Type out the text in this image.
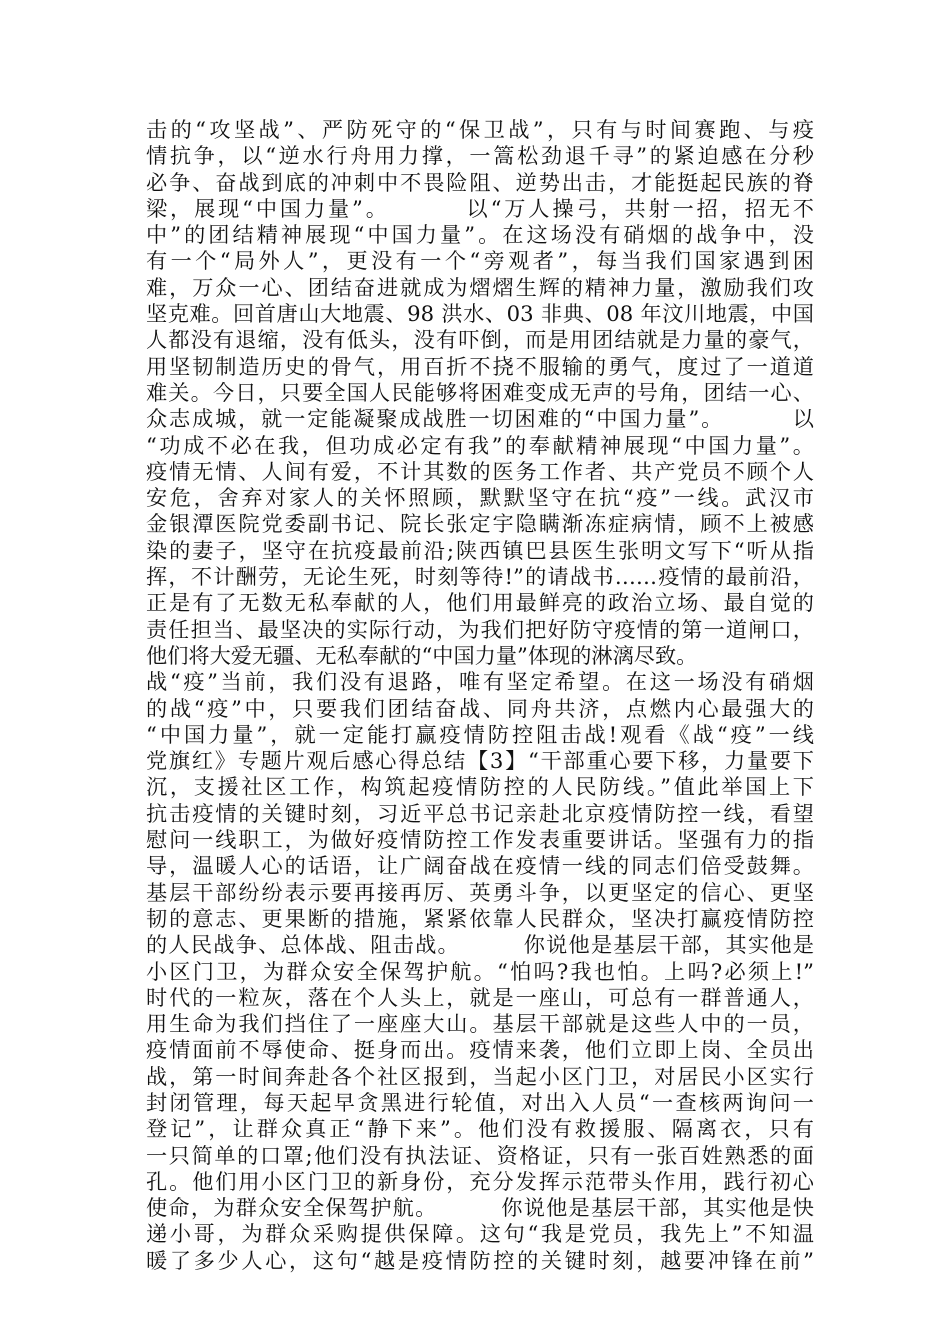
击的“攻坚战”、严防死守的“保卫战”，只有与时间赛跑、与疫
情抗争，以“逆水行舟用力撑，一篙松劲退千寻”的紧迫感在分秒
必争、奋战到底的冲刺中不畏险阻、逆势出击，才能挺起民族的脊
梁，展现“中国力量”。        以“万人操弓，共射一招，招无不
中”的团结精神展现“中国力量”。在这场没有硝烟的战争中，没
有一个“局外人”，更没有一个“旁观者”，每当我们国家遇到困
难，万众一心、团结奋进就成为熠熠生辉的精神力量，激励我们攻
坚克难。回首唐山大地震、98 洪水、03 非典、08 年汶川地震，中国
人都没有退缩，没有低头，没有吓倒，而是用团结就是力量的豪气，
用坚韧制造历史的骨气，用百折不挠不服输的勇气，度过了一道道
难关。今日，只要全国人民能够将困难变成无声的号角，团结一心、
众志成城，就一定能凝聚成战胜一切困难的“中国力量”。        以
“功成不必在我，但功成必定有我”的奉献精神展现“中国力量”。
疫情无情、人间有爱，不计其数的医务工作者、共产党员不顾个人
安危，舍弃对家人的关怀照顾，默默坚守在抗“疫”一线。武汉市
金银潭医院党委副书记、院长张定宇隐瞒渐冻症病情，顾不上被感
染的妻子，坚守在抗疫最前沿;陕西镇巴县医生张明文写下“听从指
挥，不计酬劳，无论生死，时刻等待!”的请战书……疫情的最前沿，
正是有了无数无私奉献的人，他们用最鲜亮的政治立场、最自觉的
责任担当、最坚决的实际行动，为我们把好防守疫情的第一道闸口，
他们将大爱无疆、无私奉献的“中国力量”体现的淋漓尽致。
战“疫”当前，我们没有退路，唯有坚定希望。在这一场没有硝烟
的战“疫”中，只要我们团结奋战、同舟共济，点燃内心最强大的
“中国力量”，就一定能打赢疫情防控阻击战!观看《战“疫”一线
党旗红》专题片观后感心得总结【3】“干部重心要下移，力量要下
沉，支援社区工作，构筑起疫情防控的人民防线。”值此举国上下
抗击疫情的关键时刻，习近平总书记亲赴北京疫情防控一线，看望
慰问一线职工，为做好疫情防控工作发表重要讲话。坚强有力的指
导，温暖人心的话语，让广阔奋战在疫情一线的同志们倍受鼓舞。
基层干部纷纷表示要再接再厉、英勇斗争，以更坚定的信心、更坚
韧的意志、更果断的措施，紧紧依靠人民群众，坚决打赢疫情防控
的人民战争、总体战、阻击战。        你说他是基层干部，其实他是
小区门卫，为群众安全保驾护航。“怕吗?我也怕。上吗?必须上!”
时代的一粒灰，落在个人头上，就是一座山，可总有一群普通人，
用生命为我们挡住了一座座大山。基层干部就是这些人中的一员，
疫情面前不辱使命、挺身而出。疫情来袭，他们立即上岗、全员出
战，第一时间奔赴各个社区报到，当起小区门卫，对居民小区实行
封闭管理，每天起早贪黑进行轮值，对出入人员“一查核两询问一
登记”，让群众真正“静下来”。他们没有救援服、隔离衣，只有
一只简单的口罩;他们没有执法证、资格证，只有一张百姓熟悉的面
孔。他们用小区门卫的新身份，充分发挥示范带头作用，践行初心
使命，为群众安全保驾护航。        你说他是基层干部，其实他是快
递小哥，为群众采购提供保障。这句“我是党员，我先上”不知温
暖了多少人心，这句“越是疫情防控的关键时刻，越要冲锋在前”
